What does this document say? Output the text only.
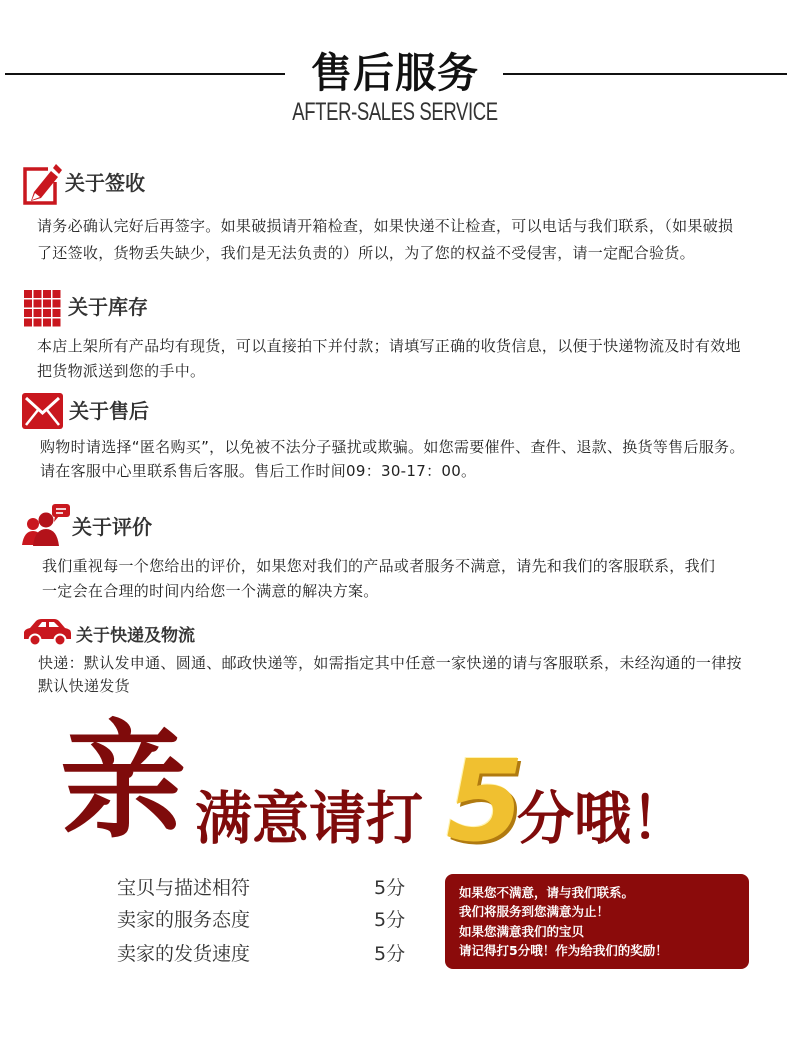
售后服务
AFTER-SALES SERVICE
关于签收
请务必确认完好后再签字。如果破损请开箱检查，如果快递不让检查，可以电话与我们联系，（如果破损
了还签收，货物丢失缺少，我们是无法负责的）所以，为了您的权益不受侵害，请一定配合验货。
关于库存
本店上架所有产品均有现货，可以直接拍下并付款；请填写正确的收货信息，以便于快递物流及时有效地
把货物派送到您的手中。
关于售后
购物时请选择“匿名购买”，以免被不法分子骚扰或欺骗。如您需要催件、查件、退款、换货等售后服务。
请在客服中心里联系售后客服。售后工作时间09：30-17：00。
关于评价
我们重视每一个您给出的评价，如果您对我们的产品或者服务不满意，请先和我们的客服联系，我们
一定会在合理的时间内给您一个满意的解决方案。
关于快递及物流
快递：默认发申通、圆通、邮政快递等，如需指定其中任意一家快递的请与客服联系，未经沟通的一律按
默认快递发货
亲 满意请打 5
分哦！
宝贝与描述相符	5分
卖家的服务态度	5分
卖家的发货速度	5分
如果您不满意，请与我们联系。
我们将服务到您满意为止！
如果您满意我们的宝贝
请记得打5分哦！作为给我们的奖励！
